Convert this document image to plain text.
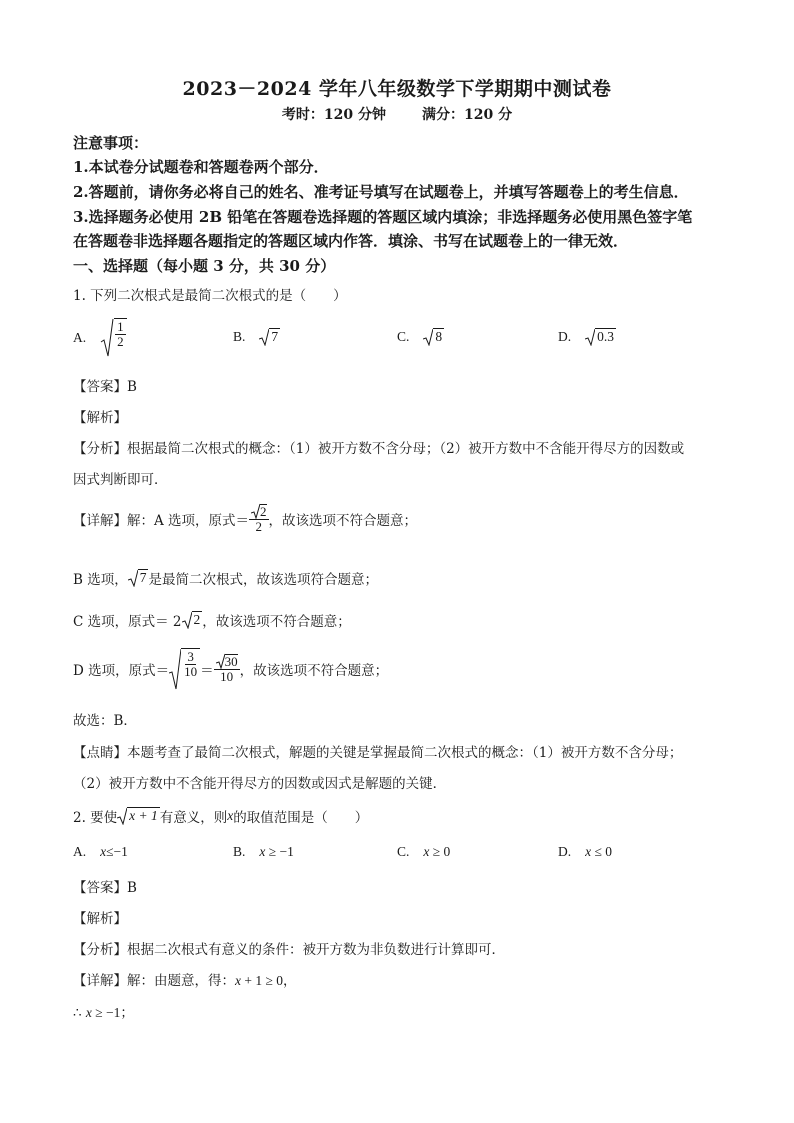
2023－2024 学年八年级数学下学期期中测试卷
考时：120 分钟	满分：120 分
注意事项：
1.本试卷分试题卷和答题卷两个部分．
2.答题前，请你务必将自己的姓名、准考证号填写在试题卷上，并填写答题卷上的考生信息．
3.选择题务必使用 2B 铅笔在答题卷选择题的答题区域内填涂；非选择题务必使用黑色签字笔
在答题卷非选择题各题指定的答题区域内作答．填涂、书写在试题卷上的一律无效．
一、选择题（每小题 3 分，共 30 分）
1. 下列二次根式是最简二次根式的是（　　）
A. $\frac{1}{2}$	B. 7	C. 8	D. 0.3
【答案】B
【解析】
【分析】根据最简二次根式的概念：（1）被开方数不含分母；（2）被开方数中不含能开得尽方的因数或
因式判断即可．
【详解】解：A 选项，原式＝ $\frac{2}{2}$ ，故该选项不符合题意；
B 选项， 7 是最简二次根式，故该选项符合题意；
C 选项，原式＝ 2 2 ，故该选项不符合题意；
D 选项，原式＝ $\frac{3}{10} = \frac{30}{10}$ ，故该选项不符合题意；
故选：B．
【点睛】本题考查了最简二次根式，解题的关键是掌握最简二次根式的概念：（1）被开方数不含分母；
（2）被开方数中不含能开得尽方的因数或因式是解题的关键．
2. 要使 x + 1 有意义，则 x 的取值范围是（　　）
A. x≤−1	B. x ≥ −1	C. x ≥ 0	D. x ≤ 0
【答案】B
【解析】
【分析】根据二次根式有意义的条件：被开方数为非负数进行计算即可．
【详解】解：由题意，得：x + 1 ≥ 0，
∴ x ≥ −1；
